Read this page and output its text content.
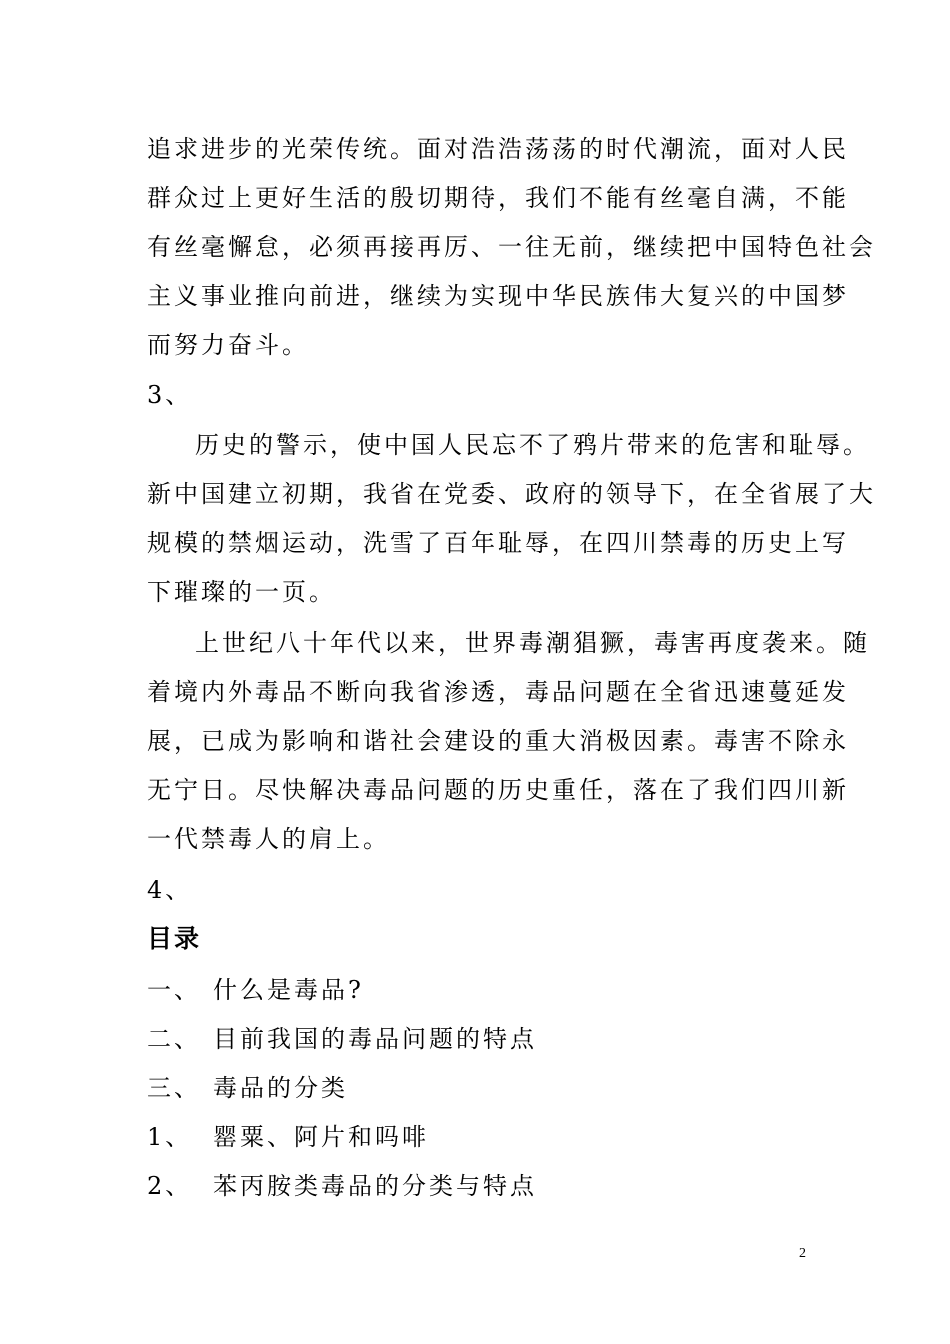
追求进步的光荣传统。面对浩浩荡荡的时代潮流，面对人民
群众过上更好生活的殷切期待，我们不能有丝毫自满，不能
有丝毫懈怠，必须再接再厉、一往无前，继续把中国特色社会
主义事业推向前进，继续为实现中华民族伟大复兴的中国梦
而努力奋斗。
3、
历史的警示，使中国人民忘不了鸦片带来的危害和耻辱。
新中国建立初期，我省在党委、政府的领导下，在全省展了大
规模的禁烟运动，洗雪了百年耻辱，在四川禁毒的历史上写
下璀璨的一页。
上世纪八十年代以来，世界毒潮猖獗，毒害再度袭来。随
着境内外毒品不断向我省渗透，毒品问题在全省迅速蔓延发
展，已成为影响和谐社会建设的重大消极因素。毒害不除永
无宁日。尽快解决毒品问题的历史重任，落在了我们四川新
一代禁毒人的肩上。
4、
目录
一、 什么是毒品?
二、 目前我国的毒品问题的特点
三、 毒品的分类
1、 罂粟、阿片和吗啡
2、 苯丙胺类毒品的分类与特点
2
